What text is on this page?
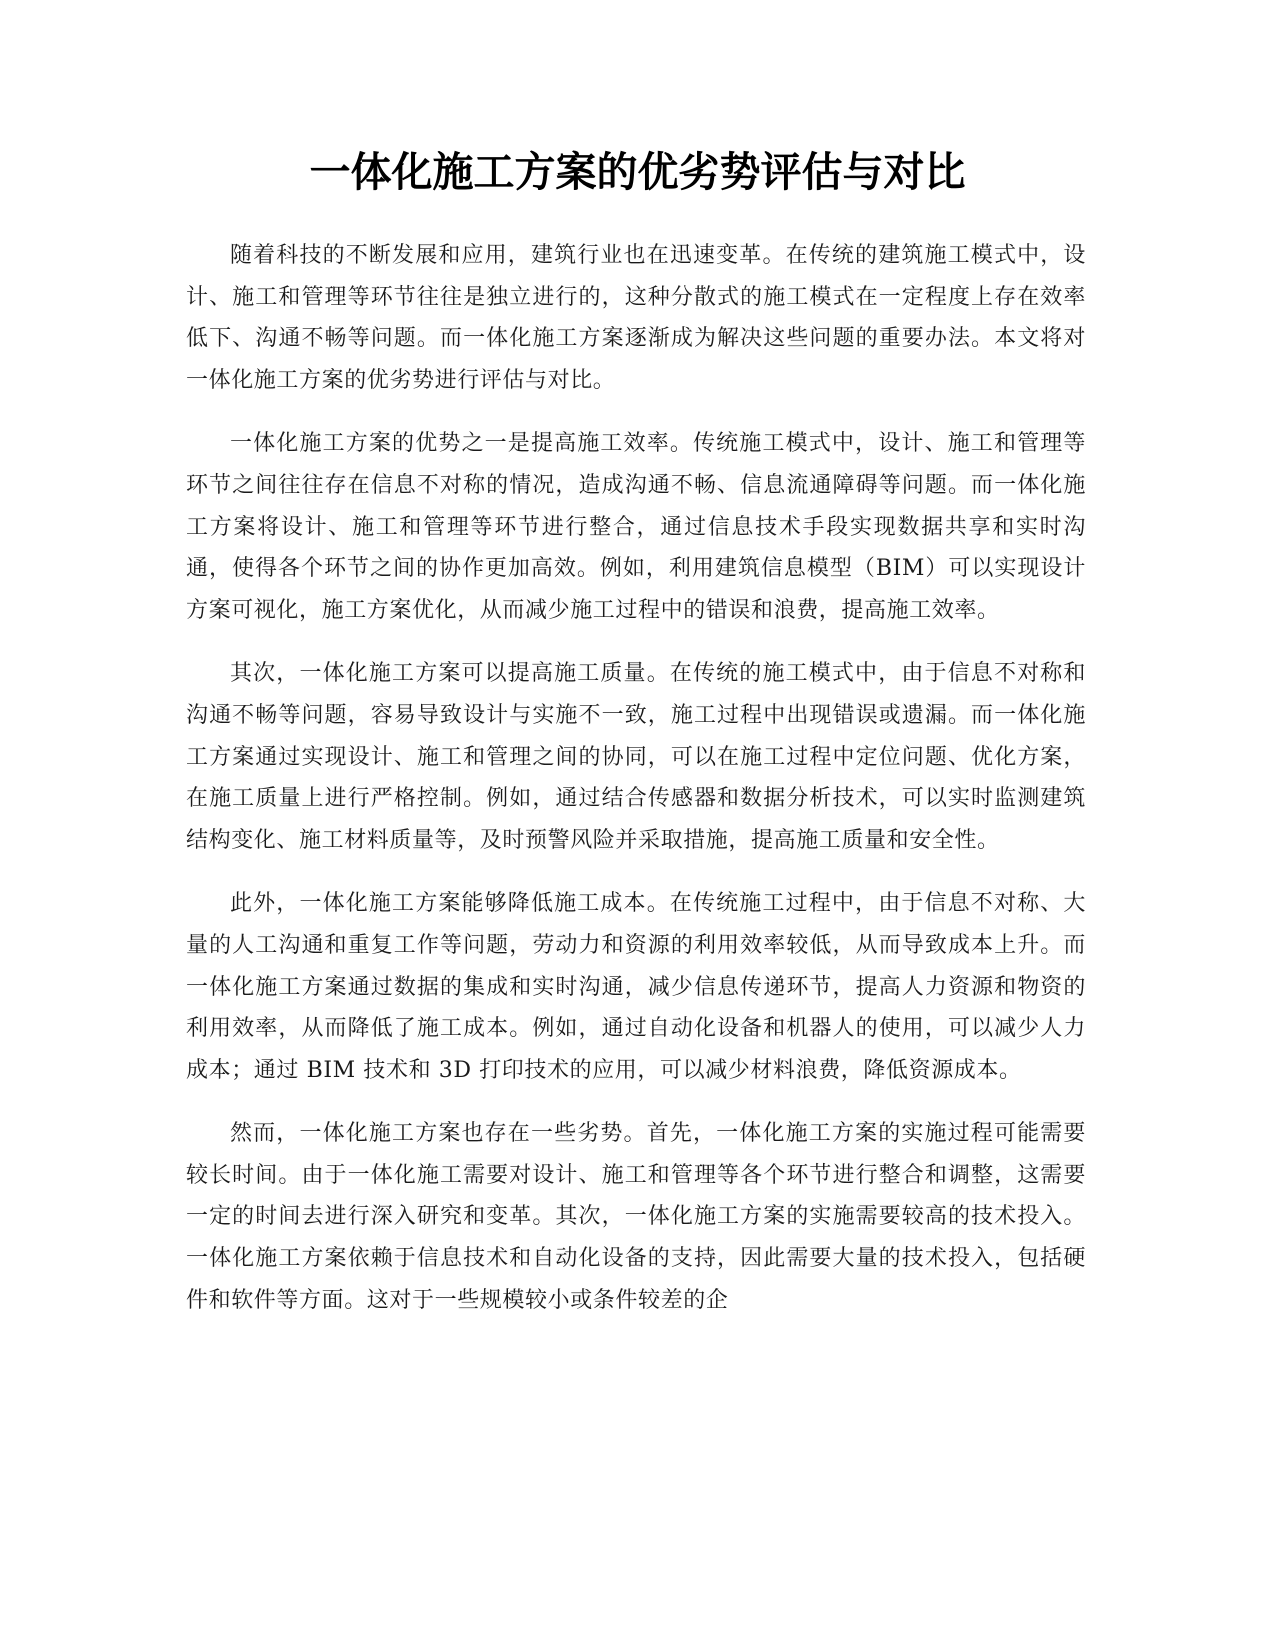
一体化施工方案的优劣势评估与对比

随着科技的不断发展和应用，建筑行业也在迅速变革。在传统的建筑施工模式中，设计、施工和管理等环节往往是独立进行的，这种分散式的施工模式在一定程度上存在效率低下、沟通不畅等问题。而一体化施工方案逐渐成为解决这些问题的重要办法。本文将对一体化施工方案的优劣势进行评估与对比。

一体化施工方案的优势之一是提高施工效率。传统施工模式中，设计、施工和管理等环节之间往往存在信息不对称的情况，造成沟通不畅、信息流通障碍等问题。而一体化施工方案将设计、施工和管理等环节进行整合，通过信息技术手段实现数据共享和实时沟通，使得各个环节之间的协作更加高效。例如，利用建筑信息模型（BIM）可以实现设计方案可视化，施工方案优化，从而减少施工过程中的错误和浪费，提高施工效率。

其次，一体化施工方案可以提高施工质量。在传统的施工模式中，由于信息不对称和沟通不畅等问题，容易导致设计与实施不一致，施工过程中出现错误或遗漏。而一体化施工方案通过实现设计、施工和管理之间的协同，可以在施工过程中定位问题、优化方案，在施工质量上进行严格控制。例如，通过结合传感器和数据分析技术，可以实时监测建筑结构变化、施工材料质量等，及时预警风险并采取措施，提高施工质量和安全性。

此外，一体化施工方案能够降低施工成本。在传统施工过程中，由于信息不对称、大量的人工沟通和重复工作等问题，劳动力和资源的利用效率较低，从而导致成本上升。而一体化施工方案通过数据的集成和实时沟通，减少信息传递环节，提高人力资源和物资的利用效率，从而降低了施工成本。例如，通过自动化设备和机器人的使用，可以减少人力成本；通过 BIM 技术和 3D 打印技术的应用，可以减少材料浪费，降低资源成本。

然而，一体化施工方案也存在一些劣势。首先，一体化施工方案的实施过程可能需要较长时间。由于一体化施工需要对设计、施工和管理等各个环节进行整合和调整，这需要一定的时间去进行深入研究和变革。其次，一体化施工方案的实施需要较高的技术投入。一体化施工方案依赖于信息技术和自动化设备的支持，因此需要大量的技术投入，包括硬件和软件等方面。这对于一些规模较小或条件较差的企
